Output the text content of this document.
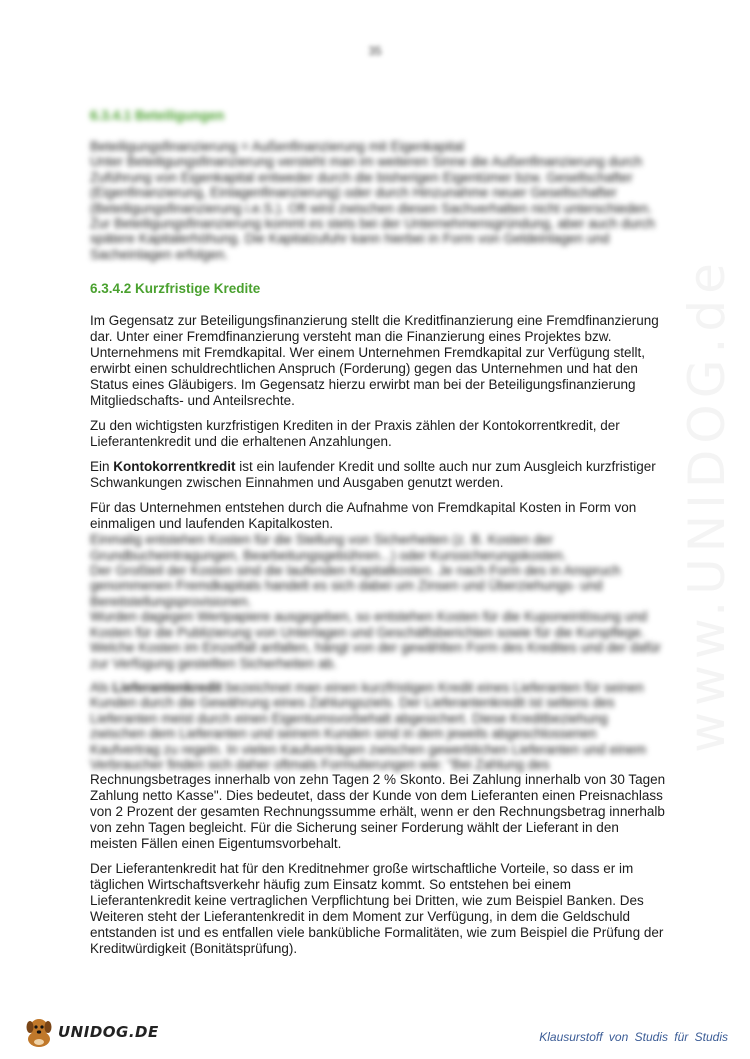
35
6.3.4.1 Beteiligungen

Beteiligungsfinanzierung = Außenfinanzierung mit Eigenkapital

Unter Beteiligungsfinanzierung versteht man im weiteren Sinne die Außenfinanzierung durch Zuführung von Eigenkapital entweder durch die bisherigen Eigentümer bzw. Gesellschafter (Eigenfinanzierung, Einlagenfinanzierung) oder durch Hinzunahme neuer Gesellschafter (Beteiligungsfinanzierung i.e.S.). Oft wird zwischen diesen Sachverhalten nicht unterschieden. Zur Beteiligungsfinanzierung kommt es stets bei der Unternehmensgründung, aber auch durch spätere Kapitalerhöhung. Die Kapitalzufuhr kann hierbei in Form von Geldeinlagen und Sacheinlagen erfolgen.

6.3.4.2 Kurzfristige Kredite

Im Gegensatz zur Beteiligungsfinanzierung stellt die Kreditfinanzierung eine Fremdfinanzierung dar. Unter einer Fremdfinanzierung versteht man die Finanzierung eines Projektes bzw. Unternehmens mit Fremdkapital. Wer einem Unternehmen Fremdkapital zur Verfügung stellt, erwirbt einen schuldrechtlichen Anspruch (Forderung) gegen das Unternehmen und hat den Status eines Gläubigers. Im Gegensatz hierzu erwirbt man bei der Beteiligungsfinanzierung Mitgliedschafts- und Anteilsrechte.

Zu den wichtigsten kurzfristigen Krediten in der Praxis zählen der Kontokorrentkredit, der Lieferantenkredit und die erhaltenen Anzahlungen.

Ein Kontokorrentkredit ist ein laufender Kredit und sollte auch nur zum Ausgleich kurzfristiger Schwankungen zwischen Einnahmen und Ausgaben genutzt werden.

Für das Unternehmen entstehen durch die Aufnahme von Fremdkapital Kosten in Form von einmaligen und laufenden Kapitalkosten.

Einmalig entstehen Kosten für die Stellung von Sicherheiten (z. B. Kosten der Grundbucheintragungen, Bearbeitungsgebühren...) oder Kurssicherungskosten.

Der Großteil der Kosten sind die laufenden Kapitalkosten. Je nach Form des in Anspruch genommenen Fremdkapitals handelt es sich dabei um Zinsen und Überziehungs- und Bereitstellungsprovisionen.

Wurden dagegen Wertpapiere ausgegeben, so entstehen Kosten für die Kuponeinlösung und Kosten für die Publizierung von Unterlagen und Geschäftsberichten sowie für die Kurspflege.

Welche Kosten im Einzelfall anfallen, hängt von der gewählten Form des Kredites und der dafür zur Verfügung gestellten Sicherheiten ab.

Als Lieferantenkredit bezeichnet man einen kurzfristigen Kredit eines Lieferanten für seinen Kunden durch die Gewährung eines Zahlungsziels. Der Lieferantenkredit ist seltens des Lieferanten meist durch einen Eigentumsvorbehalt abgesichert. Diese Kreditbeziehung zwischen dem Lieferanten und seinem Kunden sind in dem jeweils abgeschlossenen Kaufvertrag zu regeln. In vielen Kaufverträgen zwischen gewerblichen Lieferanten und einem Verbraucher finden sich daher oftmals Formulierungen wie: "Bei Zahlung des

Rechnungsbetrages innerhalb von zehn Tagen 2 % Skonto. Bei Zahlung innerhalb von 30 Tagen Zahlung netto Kasse". Dies bedeutet, dass der Kunde von dem Lieferanten einen Preisnachlass von 2 Prozent der gesamten Rechnungssumme erhält, wenn er den Rechnungsbetrag innerhalb von zehn Tagen begleicht. Für die Sicherung seiner Forderung wählt der Lieferant in den meisten Fällen einen Eigentumsvorbehalt.

Der Lieferantenkredit hat für den Kreditnehmer große wirtschaftliche Vorteile, so dass er im täglichen Wirtschaftsverkehr häufig zum Einsatz kommt. So entstehen bei einem Lieferantenkredit keine vertraglichen Verpflichtung bei Dritten, wie zum Beispiel Banken. Des Weiteren steht der Lieferantenkredit in dem Moment zur Verfügung, in dem die Geldschuld entstanden ist und es entfallen viele bankübliche Formalitäten, wie zum Beispiel die Prüfung der Kreditwürdigkeit (Bonitätsprüfung).

www.UNIDOG.de
UNIDOG.DE	Klausurstoff von Studis für Studis
